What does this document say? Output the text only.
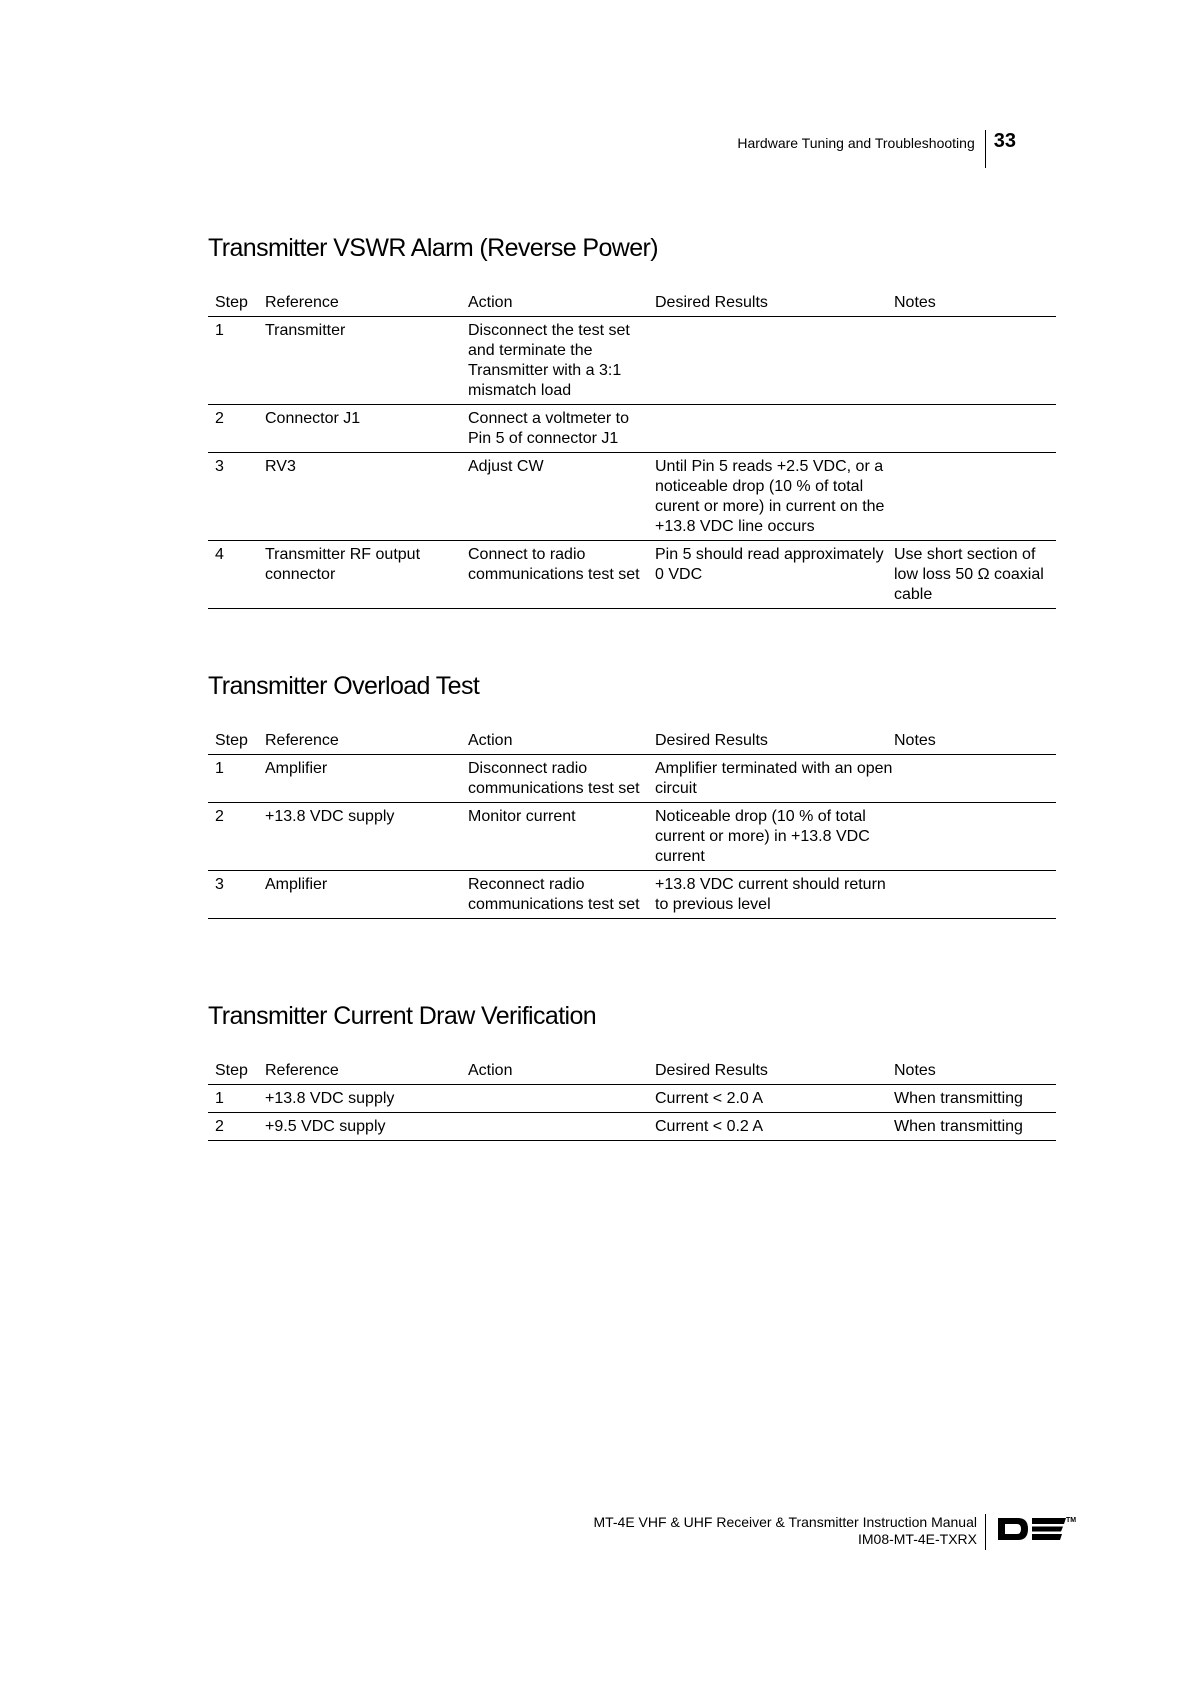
Hardware Tuning and Troubleshooting 33
Transmitter VSWR Alarm (Reverse Power)
Step	Reference	Action	Desired Results	Notes
1	Transmitter	Disconnect the test set and terminate the Transmitter with a 3:1 mismatch load		
2	Connector J1	Connect a voltmeter to Pin 5 of connector J1		
3	RV3	Adjust CW	Until Pin 5 reads +2.5 VDC, or a noticeable drop (10 % of total curent or more) in current on the +13.8 VDC line occurs	
4	Transmitter RF output connector	Connect to radio communications test set	Pin 5 should read approximately 0 VDC	Use short section of low loss 50 Ω coaxial cable
Transmitter Overload Test
Step	Reference	Action	Desired Results	Notes
1	Amplifier	Disconnect radio communications test set	Amplifier terminated with an open circuit	
2	+13.8 VDC supply	Monitor current	Noticeable drop (10 % of total current or more) in +13.8 VDC current	
3	Amplifier	Reconnect radio communications test set	+13.8 VDC current should return to previous level	
Transmitter Current Draw Verification
Step	Reference	Action	Desired Results	Notes
1	+13.8 VDC supply		Current < 2.0 A	When transmitting
2	+9.5 VDC supply		Current < 0.2 A	When transmitting
MT-4E VHF & UHF Receiver & Transmitter Instruction Manual
IM08-MT-4E-TXRX
TM
